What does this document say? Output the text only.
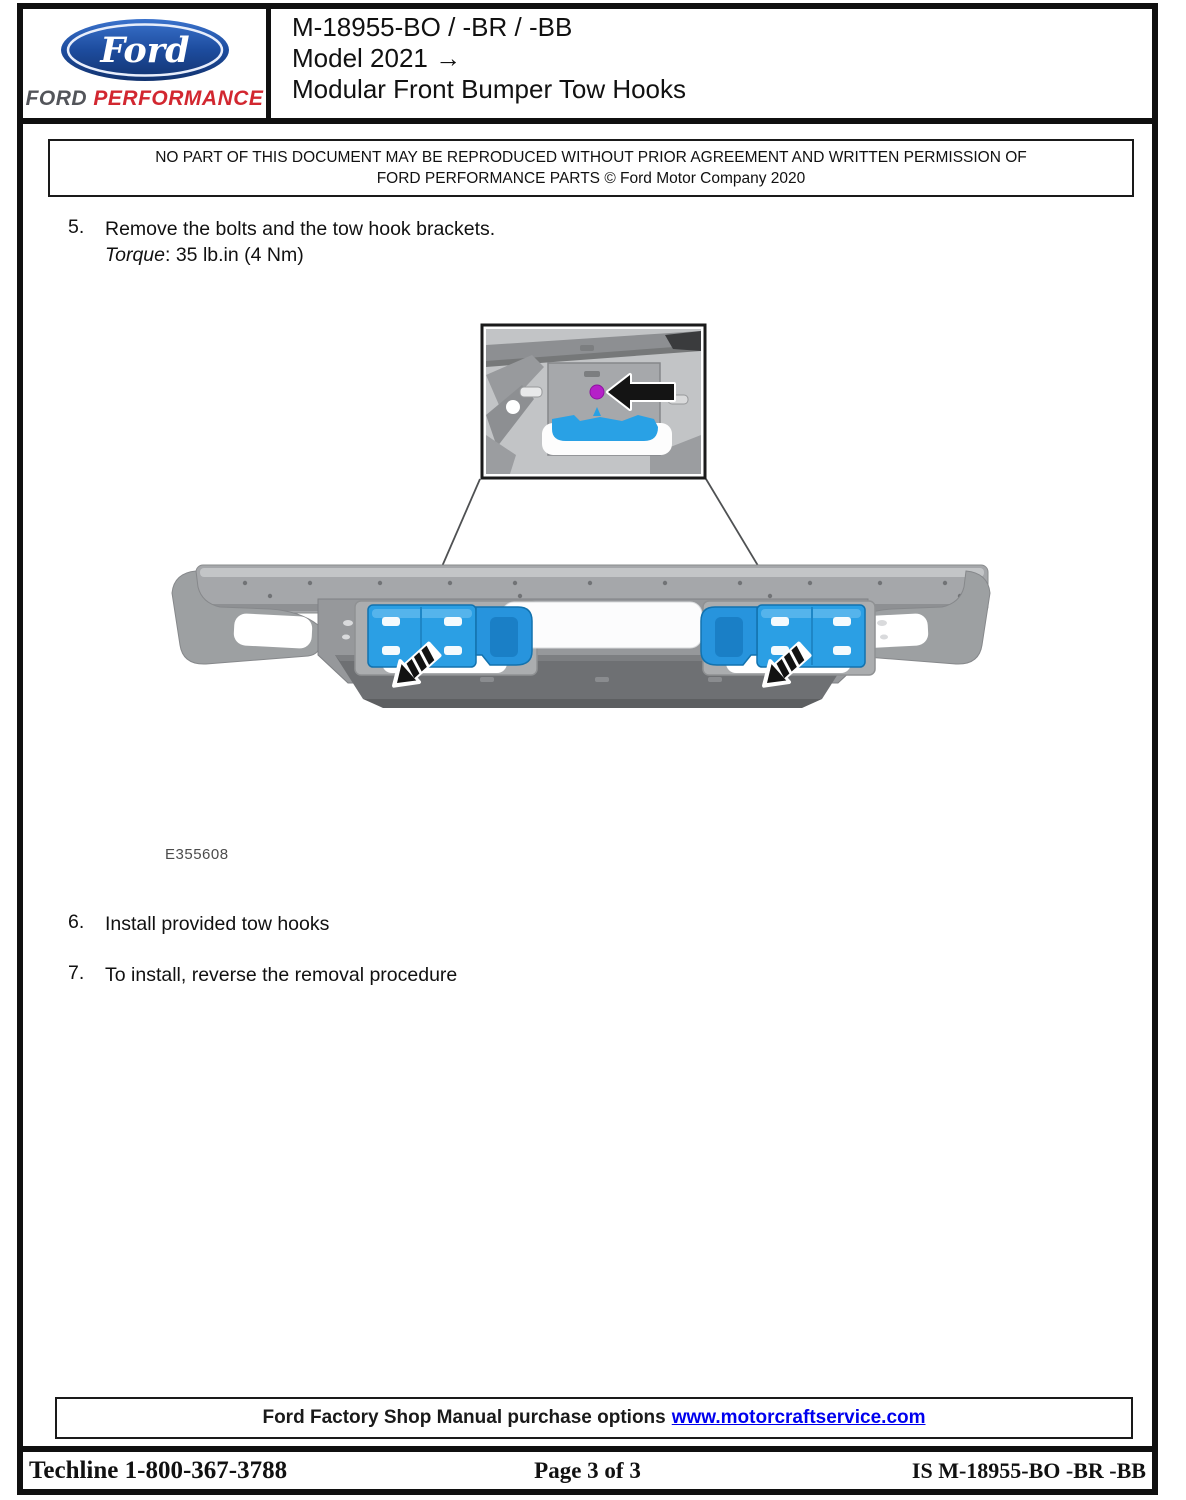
Ford
FORD PERFORMANCE
M-18955-BO / -BR / -BB
Model 2021 →
Modular Front Bumper Tow Hooks
NO PART OF THIS DOCUMENT MAY BE REPRODUCED WITHOUT PRIOR AGREEMENT AND WRITTEN PERMISSION OF
FORD PERFORMANCE PARTS © Ford Motor Company 2020
5. Remove the bolts and the tow hook brackets.
Torque: 35 lb.in (4 Nm)
E355608
6. Install provided tow hooks
7. To install, reverse the removal procedure
Ford Factory Shop Manual purchase options www.motorcraftservice.com
Techline 1-800-367-3788	Page 3 of 3	IS M-18955-BO -BR -BB
